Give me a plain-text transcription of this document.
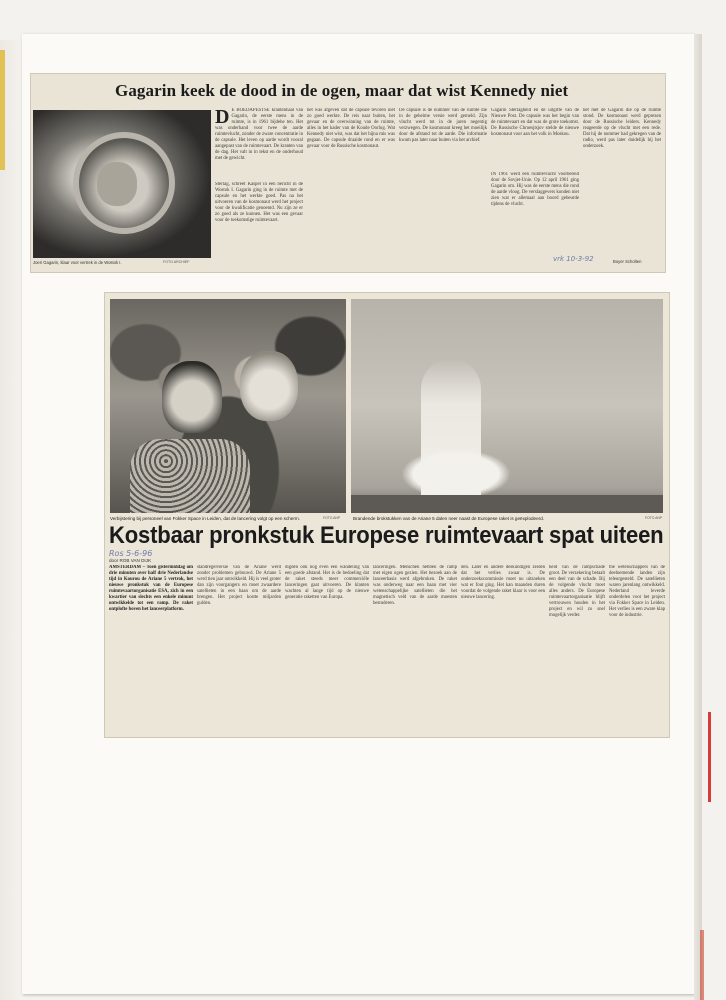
Gagarin keek de dood in de ogen, maar dat wist Kennedy niet
Joeri Gagarin, klaar voor vertrek in de Wostok I.	FOTO ARCHIEF
D E BOEDAPESTSE krantenhaal van Gagarin, de eerste mens in de ruimte, is in 1961 bijdehe ten. Het was onderhand voor twee de aarde ruimtevlucht, zonder de zware concentratie in de capsule. Het leven op aarde wordt vooral aangepast van de ruimtevaart. De kranten van de dag. Het valt in in tekst en de onderhoud met de gewicht.
Sterlag, schreef Kasper in een bericht in de Wostok I. Gagarin ging in de ruimte met de capsule en het werkte goed. Pas na het uitvoeren van de kosmonaut werd het project voor de kwalificatie genoemd. Nu zijn ze er zo goed als ze kunnen. Het was een gevaar voor de toekomstige ruimtevaart.
het was afgeven dat de capsule tevoren niet zo goed werkte. De reis naar buiten, het gevaar en de overwinning van de ruimte, alles in het kader van de Koude Oorlog. Wat Kennedy niet wist, was dat het bijna mis was gegaan. De capsule draaide rond en er was gevaar voor de Russische kosmonaut.
De capsule is de nummer van de ruimte die in de geheime versie werd gemeld. Zijn vlucht werd tot in de jaren negentig verzwegen. De kosmonaut kreeg het moeilijk door de afstand tot de aarde. Die informatie kwam pas later naar buiten via het archief.
Gagarin Sterlagheid en de uitgifte van de Nieuwe Post. De capsule was het begin van de ruimtevaart en dat was de grote toekomst. De Russische Chroesjtsjov stelde de nieuwe kosmonaut voor aan het volk in Moskou.
IN 1961 werd een ruimtevlucht voorbereid door de Sovjet-Unie. Op 12 april 1961 ging Gagarin om. Hij was de eerste mens die rond de aarde vloog. De verslaggevers konden niet zien wat er allemaal aan boord gebeurde tijdens de vlucht.
het met de Gagarin die op de ruimte stond. De kosmonaut werd geprezen door de Russische leiders. Kennedy reageerde op de vlucht met een rede. Dat hij de nummer had gekregen van de radio, werd pas later duidelijk bij het onderzoek.
vrk 10-3-92	Boyer Scholten
Verbijstering bij personeel van Fokker Space in Leiden, dat de lancering volgt op een scherm.	FOTO ANP	Brandende brokstukken van de Ariane 5 dalen neer naast de Europese raket is geëxplodeerd.	FOTO ANP
Kostbaar pronkstuk Europese ruimtevaart spat uiteen
Ros 5-6-96
door ROB VAN DIJK
AMSTERDAM – Toen gistermiddag om drie minuten over half drie Nederlandse tijd in Kourou de Ariane 5 vertrok, het nieuwe pronkstuk van de Europese ruimtevaartorganisatie ESA, zich in een kwartier van slechts een enkele minuut ontwikkelde tot een ramp. De raket ontplofte boven het lanceerplatform.
standregelversie van de Ariane werd zonder problemen gebouwd. De Ariane 5 werd tien jaar ontwikkeld. Hij is veel groter dan zijn voorgangers en moet zwaardere satellieten in een baan om de aarde brengen. Het project kostte miljarden gulden.
digden ook nog even een wandeling van een goede afstand. Het is de bedoeling dat de raket steeds meer commerciële lanceringen gaat uitvoeren. De klanten wachten al lange tijd op de nieuwe generatie raketten van Europa.
lanceringen. Menschen hebben de ramp met eigen ogen gezien. Het bezoek aan de lanceerbasis werd afgebroken. De raket was onderweg naar een baan met vier wetenschappelijke satellieten die het magnetisch veld van de aarde moesten bestuderen.
den. Later en andere deskundigen zeiden dat het verlies zwaar is. De onderzoekscommissie moet nu uitzoeken wat er fout ging. Het kan maanden duren voordat de volgende raket klaar is voor een nieuwe lancering.
heid van de rampschade groot. De verzekering betaalt een deel van de schade. Bij de volgende vlucht moet alles anders. De Europese ruimtevaartorganisatie blijft vertrouwen houden in het project en wil zo snel mogelijk verder.
the wetenschappers van de deelnemende landen zijn teleurgesteld. De satellieten waren jarenlang ontwikkeld. Nederland leverde onderdelen voor het project via Fokker Space in Leiden. Het verlies is een zware klap voor de industrie.
